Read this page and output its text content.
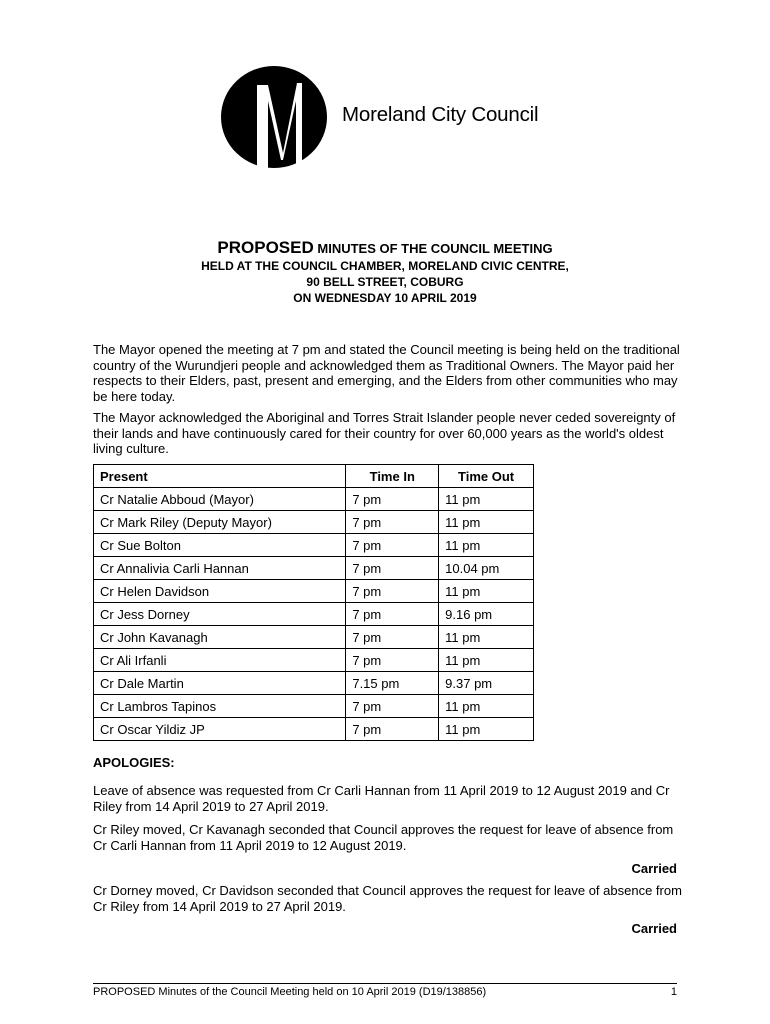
Moreland City Council
PROPOSED MINUTES OF THE COUNCIL MEETING
HELD AT THE COUNCIL CHAMBER, MORELAND CIVIC CENTRE,
90 BELL STREET, COBURG
ON WEDNESDAY 10 APRIL 2019
The Mayor opened the meeting at 7 pm and stated the Council meeting is being held on the traditional country of the Wurundjeri people and acknowledged them as Traditional Owners. The Mayor paid her respects to their Elders, past, present and emerging, and the Elders from other communities who may be here today.
The Mayor acknowledged the Aboriginal and Torres Strait Islander people never ceded sovereignty of their lands and have continuously cared for their country for over 60,000 years as the world's oldest living culture.
Present	Time In	Time Out
Cr Natalie Abboud (Mayor)	7 pm	11 pm
Cr Mark Riley (Deputy Mayor)	7 pm	11 pm
Cr Sue Bolton	7 pm	11 pm
Cr Annalivia Carli Hannan	7 pm	10.04 pm
Cr Helen Davidson	7 pm	11 pm
Cr Jess Dorney	7 pm	9.16 pm
Cr John Kavanagh	7 pm	11 pm
Cr Ali Irfanli	7 pm	11 pm
Cr Dale Martin	7.15 pm	9.37 pm
Cr Lambros Tapinos	7 pm	11 pm
Cr Oscar Yildiz JP	7 pm	11 pm
APOLOGIES:
Leave of absence was requested from Cr Carli Hannan from 11 April 2019 to 12 August 2019 and Cr Riley from 14 April 2019 to 27 April 2019.
Cr Riley moved, Cr Kavanagh seconded that Council approves the request for leave of absence from Cr Carli Hannan from 11 April 2019 to 12 August 2019.
Carried
Cr Dorney moved, Cr Davidson seconded that Council approves the request for leave of absence from Cr Riley from 14 April 2019 to 27 April 2019.
Carried
PROPOSED Minutes of the Council Meeting held on 10 April 2019 (D19/138856)	1
